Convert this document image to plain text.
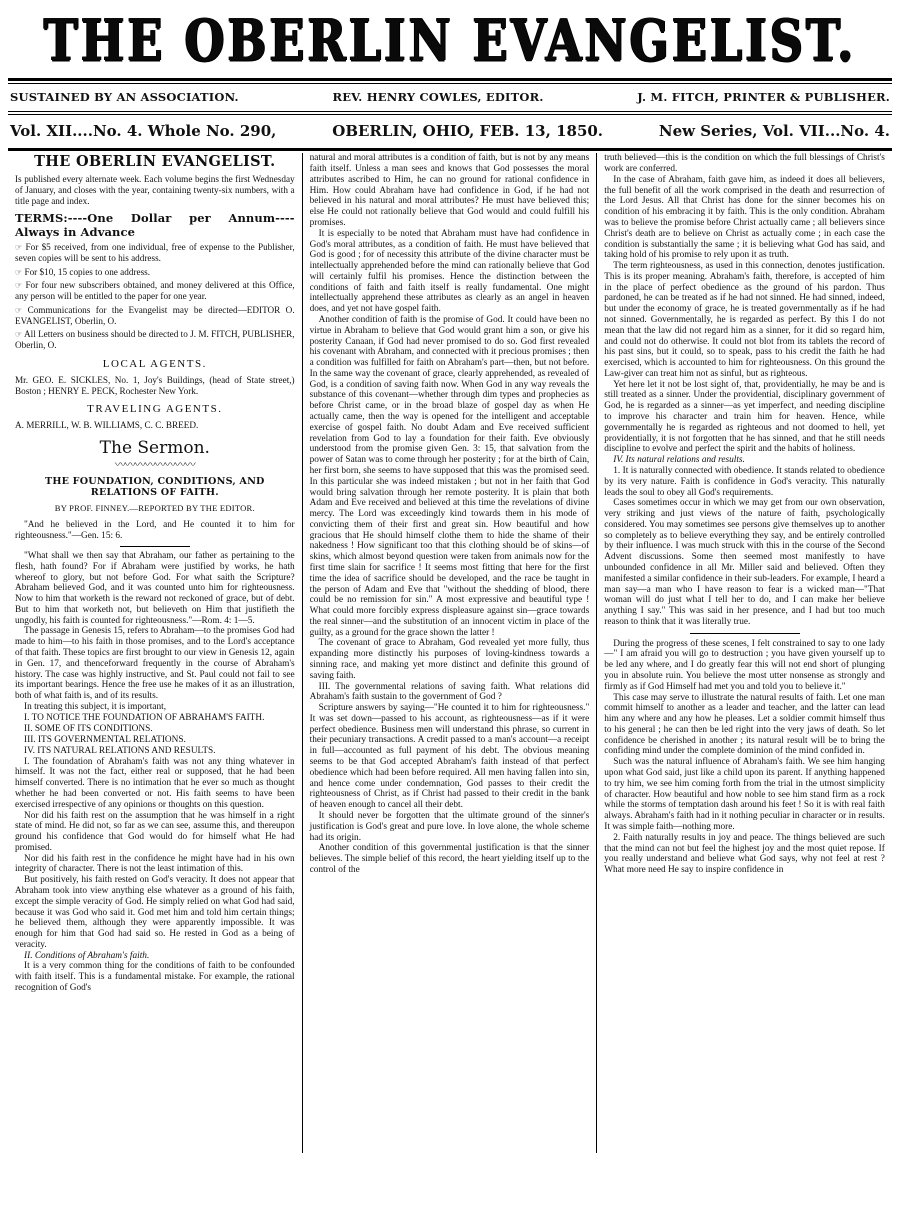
THE OBERLIN EVANGELIST.
SUSTAINED BY AN ASSOCIATION.	REV. HENRY COWLES, EDITOR.	J. M. FITCH, PRINTER & PUBLISHER.
Vol. XII....No. 4. Whole No. 290,	OBERLIN, OHIO, FEB. 13, 1850.	New Series, Vol. VII...No. 4.
THE OBERLIN EVANGELIST.
Is published every alternate week. Each volume begins the first Wednesday of January, and closes with the year, containing twenty-six numbers, with a title page and index.
TERMS:----One Dollar per Annum----Always in Advance
☞ For $5 received, from one individual, free of expense to the Publisher, seven copies will be sent to his address.
☞ For $10, 15 copies to one address.
☞ For four new subscribers obtained, and money delivered at this Office, any person will be entitled to the paper for one year.
☞ Communications for the Evangelist may be directed—EDITOR O. EVANGELIST, Oberlin, O.
☞ All Letters on business should be directed to J. M. FITCH, PUBLISHER, Oberlin, O.
LOCAL AGENTS.
Mr. GEO. E. SICKLES, No. 1, Joy's Buildings, (head of State street,) Boston ; HENRY E. PECK, Rochester New York.
TRAVELING AGENTS.
A. MERRILL, W. B. WILLIAMS, C. C. BREED.
The Sermon.
〰〰〰〰〰〰〰〰
THE FOUNDATION, CONDITIONS, AND RELATIONS OF FAITH.
BY PROF. FINNEY.—REPORTED BY THE EDITOR.

"And he believed in the Lord, and He counted it to him for righteousness."—Gen. 15: 6.

"What shall we then say that Abraham, our father as pertaining to the flesh, hath found? For if Abraham were justified by works, he hath whereof to glory, but not before God. For what saith the Scripture? Abraham believed God, and it was counted unto him for righteousness. Now to him that worketh is the reward not reckoned of grace, but of debt. But to him that worketh not, but believeth on Him that justifieth the ungodly, his faith is counted for righteousness."—Rom. 4: 1—5.

The passage in Genesis 15, refers to Abraham—to the promises God had made to him—to his faith in those promises, and to the Lord's acceptance of that faith. These topics are first brought to our view in Genesis 12, again in Gen. 17, and thenceforward frequently in the course of Abraham's history. The case was highly instructive, and St. Paul could not fail to see its important bearings. Hence the free use he makes of it as an illustration, both of what faith is, and of its results.

In treating this subject, it is important,

I. TO NOTICE THE FOUNDATION OF ABRAHAM'S FAITH.

II. SOME OF ITS CONDITIONS.

III. ITS GOVERNMENTAL RELATIONS.

IV. ITS NATURAL RELATIONS AND RESULTS.

I. The foundation of Abraham's faith was not any thing whatever in himself. It was not the fact, either real or supposed, that he had been himself converted. There is no intimation that he ever so much as thought whether he had been converted or not. His faith seems to have been exercised irrespective of any opinions or thoughts on this question.

Nor did his faith rest on the assumption that he was himself in a right state of mind. He did not, so far as we can see, assume this, and thereupon ground his confidence that God would do for himself what He had promised.

Nor did his faith rest in the confidence he might have had in his own integrity of character. There is not the least intimation of this.

But positively, his faith rested on God's veracity. It does not appear that Abraham took into view anything else whatever as a ground of his faith, except the simple veracity of God. He simply relied on what God had said, because it was God who said it. God met him and told him certain things; he believed them, although they were apparently impossible. It was enough for him that God had said so. He rested in God as a being of veracity.

II. Conditions of Abraham's faith.

It is a very common thing for the conditions of faith to be confounded with faith itself. This is a fundamental mistake. For example, the rational recognition of God's

natural and moral attributes is a condition of faith, but is not by any means faith itself. Unless a man sees and knows that God possesses the moral attributes ascribed to Him, he can no ground for rational confidence in Him. How could Abraham have had confidence in God, if he had not believed in his natural and moral attributes? He must have believed this; else He could not rationally believe that God would and could fulfill his promises.

It is especially to be noted that Abraham must have had confidence in God's moral attributes, as a condition of faith. He must have believed that God is good ; for of necessity this attribute of the divine character must be intellectually apprehended before the mind can rationally believe that God will certainly fulfil his promises. Hence the distinction between the conditions of faith and faith itself is really fundamental. One might intellectually apprehend these attributes as clearly as an angel in heaven does, and yet not have gospel faith.

Another condition of faith is the promise of God. It could have been no virtue in Abraham to believe that God would grant him a son, or give his posterity Canaan, if God had never promised to do so. God first revealed his covenant with Abraham, and connected with it precious promises ; then a condition was fulfilled for faith on Abraham's part—then, but not before. In the same way the covenant of grace, clearly apprehended, as revealed of God, is a condition of saving faith now. When God in any way reveals the substance of this covenant—whether through dim types and prophecies as before Christ came, or in the broad blaze of gospel day as when He actually came, then the way is opened for the intelligent and acceptable exercise of gospel faith. No doubt Adam and Eve received sufficient revelation from God to lay a foundation for their faith. Eve obviously understood from the promise given Gen. 3: 15, that salvation from the power of Satan was to come through her posterity ; for at the birth of Cain, her first born, she seems to have supposed that this was the promised seed. In this particular she was indeed mistaken ; but not in her faith that God would bring salvation through her remote posterity. It is plain that both Adam and Eve received and believed at this time the revelations of divine mercy. The Lord was exceedingly kind towards them in his mode of convicting them of their first and great sin. How beautiful and how gracious that He should himself clothe them to hide the shame of their nakedness ! How significant too that this clothing should be of skins—of skins, which almost beyond question were taken from animals now for the first time slain for sacrifice ! It seems most fitting that here for the first time the idea of sacrifice should be developed, and the race be taught in the person of Adam and Eve that "without the shedding of blood, there could be no remission for sin." A most expressive and beautiful type ! What could more forcibly express displeasure against sin—grace towards the real sinner—and the substitution of an innocent victim in place of the guilty, as a ground for the grace shown the latter !

The covenant of grace to Abraham, God revealed yet more fully, thus expanding more distinctly his purposes of loving-kindness towards a sinning race, and making yet more distinct and definite this ground of saving faith.

III. The governmental relations of saving faith. What relations did Abraham's faith sustain to the government of God ?

Scripture answers by saying—"He counted it to him for righteousness." It was set down—passed to his account, as righteousness—as if it were perfect obedience. Business men will understand this phrase, so current in their pecuniary transactions. A credit passed to a man's account—a receipt in full—accounted as full payment of his debt. The obvious meaning seems to be that God accepted Abraham's faith instead of that perfect obedience which had been before required. All men having fallen into sin, and hence come under condemnation, God passes to their credit the righteousness of Christ, as if Christ had passed to their credit in the bank of heaven enough to cancel all their debt.

It should never be forgotten that the ultimate ground of the sinner's justification is God's great and pure love. In love alone, the whole scheme had its origin.

Another condition of this governmental justification is that the sinner believes. The simple belief of this record, the heart yielding itself up to the control of the

truth believed—this is the condition on which the full blessings of Christ's work are conferred.

In the case of Abraham, faith gave him, as indeed it does all believers, the full benefit of all the work comprised in the death and resurrection of the Lord Jesus. All that Christ has done for the sinner becomes his on condition of his embracing it by faith. This is the only condition. Abraham was to believe the promise before Christ actually came ; all believers since Christ's death are to believe on Christ as actually come ; in each case the condition is substantially the same ; it is believing what God has said, and taking hold of his promise to rely upon it as truth.

The term righteousness, as used in this connection, denotes justification. This is its proper meaning. Abraham's faith, therefore, is accepted of him in the place of perfect obedience as the ground of his pardon. Thus pardoned, he can be treated as if he had not sinned. He had sinned, indeed, but under the economy of grace, he is treated governmentally as if he had not sinned. Governmentally, he is regarded as perfect. By this I do not mean that the law did not regard him as a sinner, for it did so regard him, and could not do otherwise. It could not blot from its tablets the record of his past sins, but it could, so to speak, pass to his credit the faith he had exercised, which is accounted to him for righteousness. On this ground the Law-giver can treat him not as sinful, but as righteous.

Yet here let it not be lost sight of, that, providentially, he may be and is still treated as a sinner. Under the providential, disciplinary government of God, he is regarded as a sinner—as yet imperfect, and needing discipline to improve his character and train him for heaven. Hence, while governmentally he is regarded as righteous and not doomed to hell, yet providentially, it is not forgotten that he has sinned, and that he still needs discipline to evolve and perfect the spirit and the habits of holiness.

IV. Its natural relations and results.

1. It is naturally connected with obedience. It stands related to obedience by its very nature. Faith is confidence in God's veracity. This naturally leads the soul to obey all God's requirements.

Cases sometimes occur in which we may get from our own observation, very striking and just views of the nature of faith, psychologically considered. You may sometimes see persons give themselves up to another so completely as to believe everything they say, and be entirely controlled by their influence. I was much struck with this in the course of the Second Advent discussions. Some then seemed most manifestly to have unbounded confidence in all Mr. Miller said and believed. Often they manifested a similar confidence in their sub-leaders. For example, I heard a man say—a man who I have reason to fear is a wicked man—"That woman will do just what I tell her to do, and I can make her believe anything I say." This was said in her presence, and I had but too much reason to think that it was literally true.

During the progress of these scenes, I felt constrained to say to one lady—" I am afraid you will go to destruction ; you have given yourself up to be led any where, and I do greatly fear this will not end short of plunging you in absolute ruin. You believe the most utter nonsense as strongly and firmly as if God Himself had met you and told you to believe it."

This case may serve to illustrate the natural results of faith. Let one man commit himself to another as a leader and teacher, and the latter can lead him any where and any how he pleases. Let a soldier commit himself thus to his general ; he can then be led right into the very jaws of death. So let confidence be cherished in another ; its natural result will be to bring the confiding mind under the complete dominion of the mind confided in.

Such was the natural influence of Abraham's faith. We see him hanging upon what God said, just like a child upon its parent. If anything happened to try him, we see him coming forth from the trial in the utmost simplicity of character. How beautiful and how noble to see him stand firm as a rock while the storms of temptation dash around his feet ! So it is with real faith always. Abraham's faith had in it nothing peculiar in character or in results. It was simple faith—nothing more.

2. Faith naturally results in joy and peace. The things believed are such that the mind can not but feel the highest joy and the most quiet repose. If you really understand and believe what God says, why not feel at rest ? What more need He say to inspire confidence in
